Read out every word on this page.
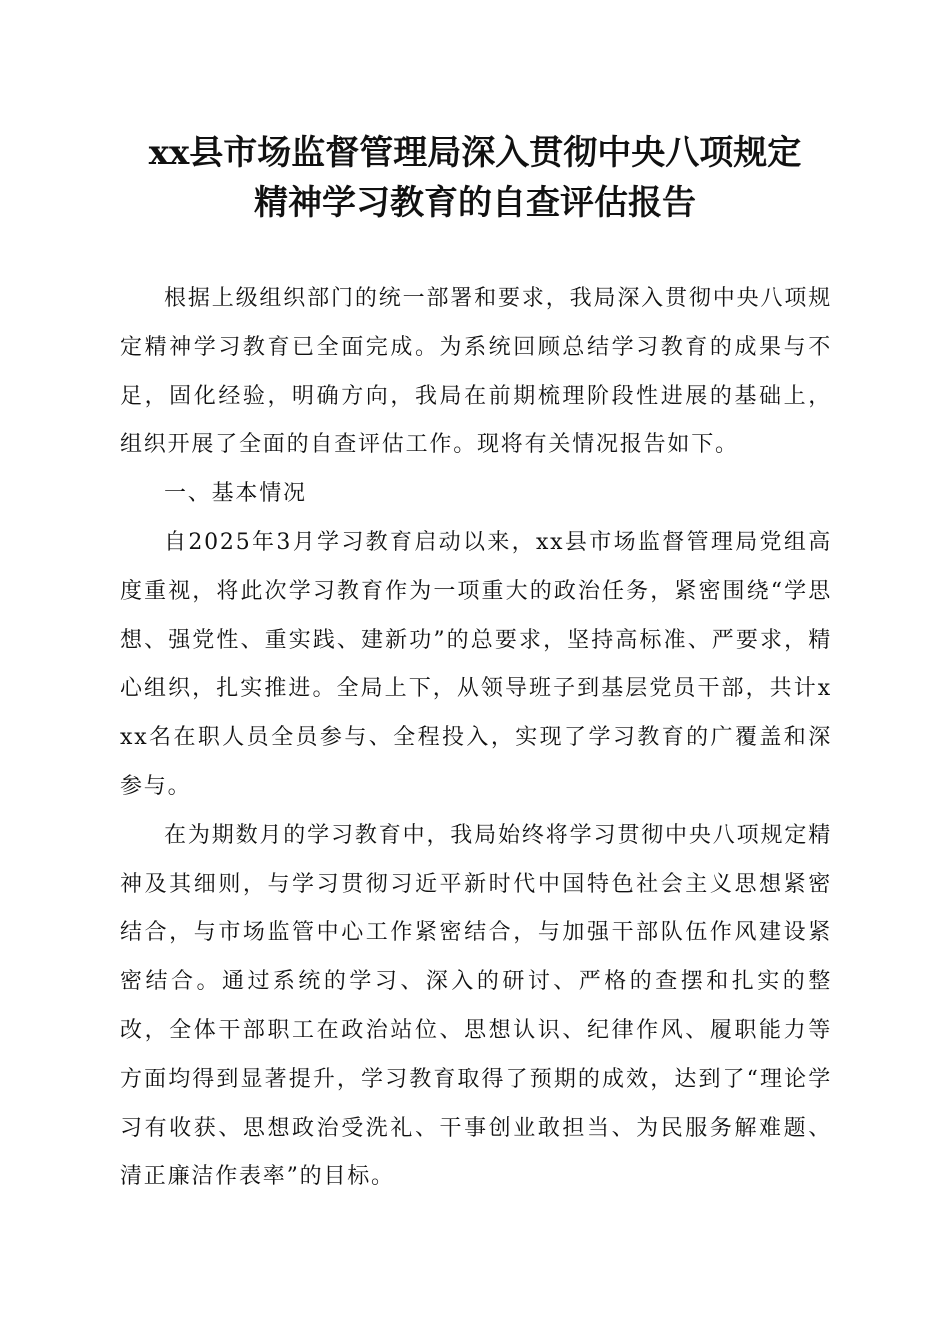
xx县市场监督管理局深入贯彻中央八项规定
精神学习教育的自查评估报告

根据上级组织部门的统一部署和要求，我局深入贯彻中央八项规定精神学习教育已全面完成。为系统回顾总结学习教育的成果与不足，固化经验，明确方向，我局在前期梳理阶段性进展的基础上，组织开展了全面的自查评估工作。现将有关情况报告如下。

一、基本情况

自2025年3月学习教育启动以来，xx县市场监督管理局党组高度重视，将此次学习教育作为一项重大的政治任务，紧密围绕“学思想、强党性、重实践、建新功”的总要求，坚持高标准、严要求，精心组织，扎实推进。全局上下，从领导班子到基层党员干部，共计xxx名在职人员全员参与、全程投入，实现了学习教育的广覆盖和深参与。

在为期数月的学习教育中，我局始终将学习贯彻中央八项规定精神及其细则，与学习贯彻习近平新时代中国特色社会主义思想紧密结合，与市场监管中心工作紧密结合，与加强干部队伍作风建设紧密结合。通过系统的学习、深入的研讨、严格的查摆和扎实的整改，全体干部职工在政治站位、思想认识、纪律作风、履职能力等方面均得到显著提升，学习教育取得了预期的成效，达到了“理论学习有收获、思想政治受洗礼、干事创业敢担当、为民服务解难题、清正廉洁作表率”的目标。
